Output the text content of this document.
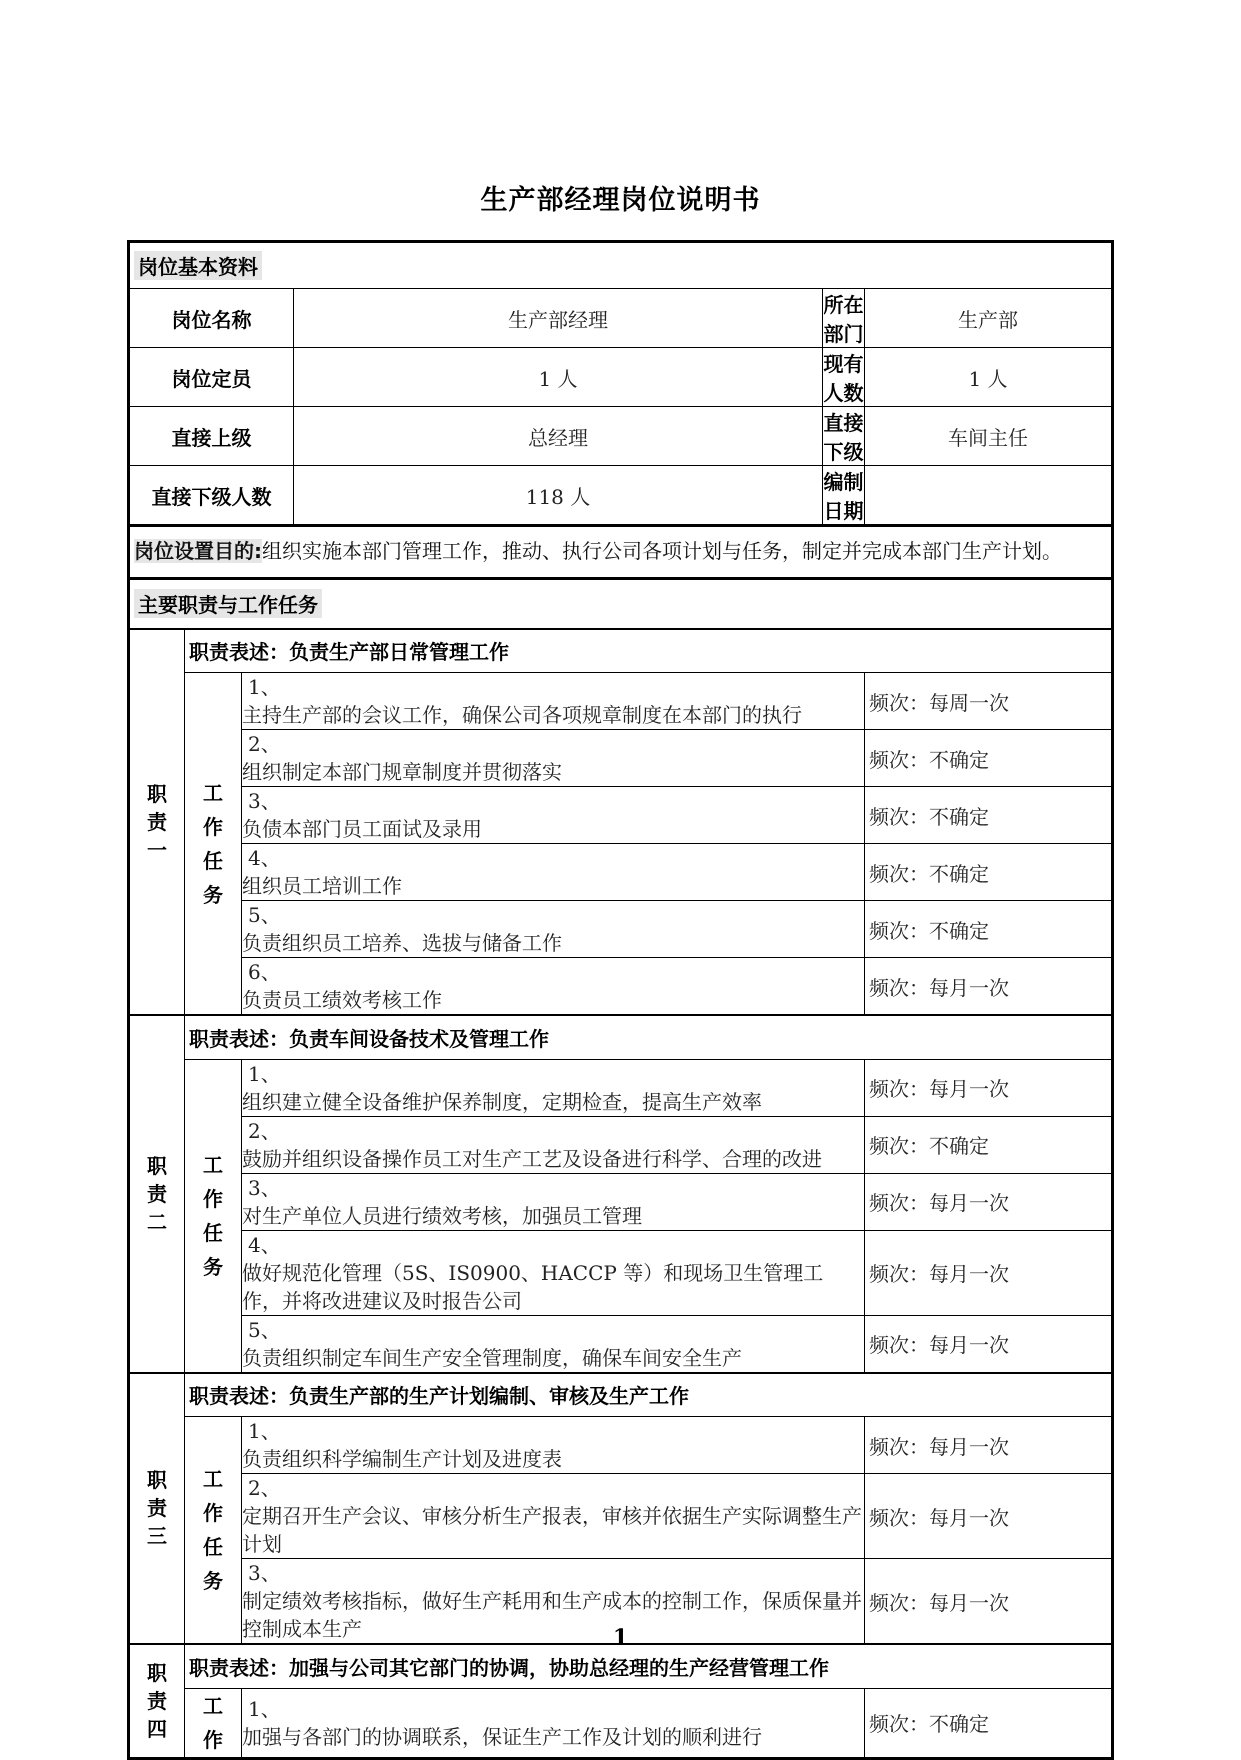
生产部经理岗位说明书
岗位基本资料					
岗位名称			生产部经理	所在部门	生产部
岗位定员			1 人	现有人数	1 人
直接上级			总经理	直接下级	车间主任
直接下级人数			118 人	编制日期	
岗位设置目的:组织实施本部门管理工作，推动、执行公司各项计划与任务，制定并完成本部门生产计划。					
主要职责与工作任务					

职
责
一	职责表述：负责生产部日常管理工作				

	工作
任务	1、主持生产部的会议工作，确保公司各项规章制度在本部门的执行			频次：每周一次
		2、组织制定本部门规章制度并贯彻落实			频次：不确定
		3、负债本部门员工面试及录用			频次：不确定
		4、组织员工培训工作			频次：不确定
		5、负责组织员工培养、选拔与储备工作			频次：不确定
		6、负责员工绩效考核工作			频次：每月一次

职
责
二	职责表述：负责车间设备技术及管理工作				

	工作
任务	1、组织建立健全设备维护保养制度，定期检查，提高生产效率			频次：每月一次
		2、鼓励并组织设备操作员工对生产工艺及设备进行科学、合理的改进			频次：不确定
		3、对生产单位人员进行绩效考核，加强员工管理			频次：每月一次
		4、做好规范化管理（5S、IS0900、HACCP 等）和现场卫生管理工作，并将改进建议及时报告公司			频次：每月一次
		5、负责组织制定车间生产安全管理制度，确保车间安全生产			频次：每月一次

职
责
三	职责表述：负责生产部的生产计划编制、审核及生产工作				

	工作
任务	1、负责组织科学编制生产计划及进度表			频次：每月一次
		2、定期召开生产会议、审核分析生产报表，审核并依据生产实际调整生产计划			频次：每月一次
		3、制定绩效考核指标，做好生产耗用和生产成本的控制工作，保质保量并控制成本生产			频次：每月一次

职
责
四	职责表述：加强与公司其它部门的协调，协助总经理的生产经营管理工作				

	工作	1、加强与各部门的协调联系，保证生产工作及计划的顺利进行			频次：不确定
1
